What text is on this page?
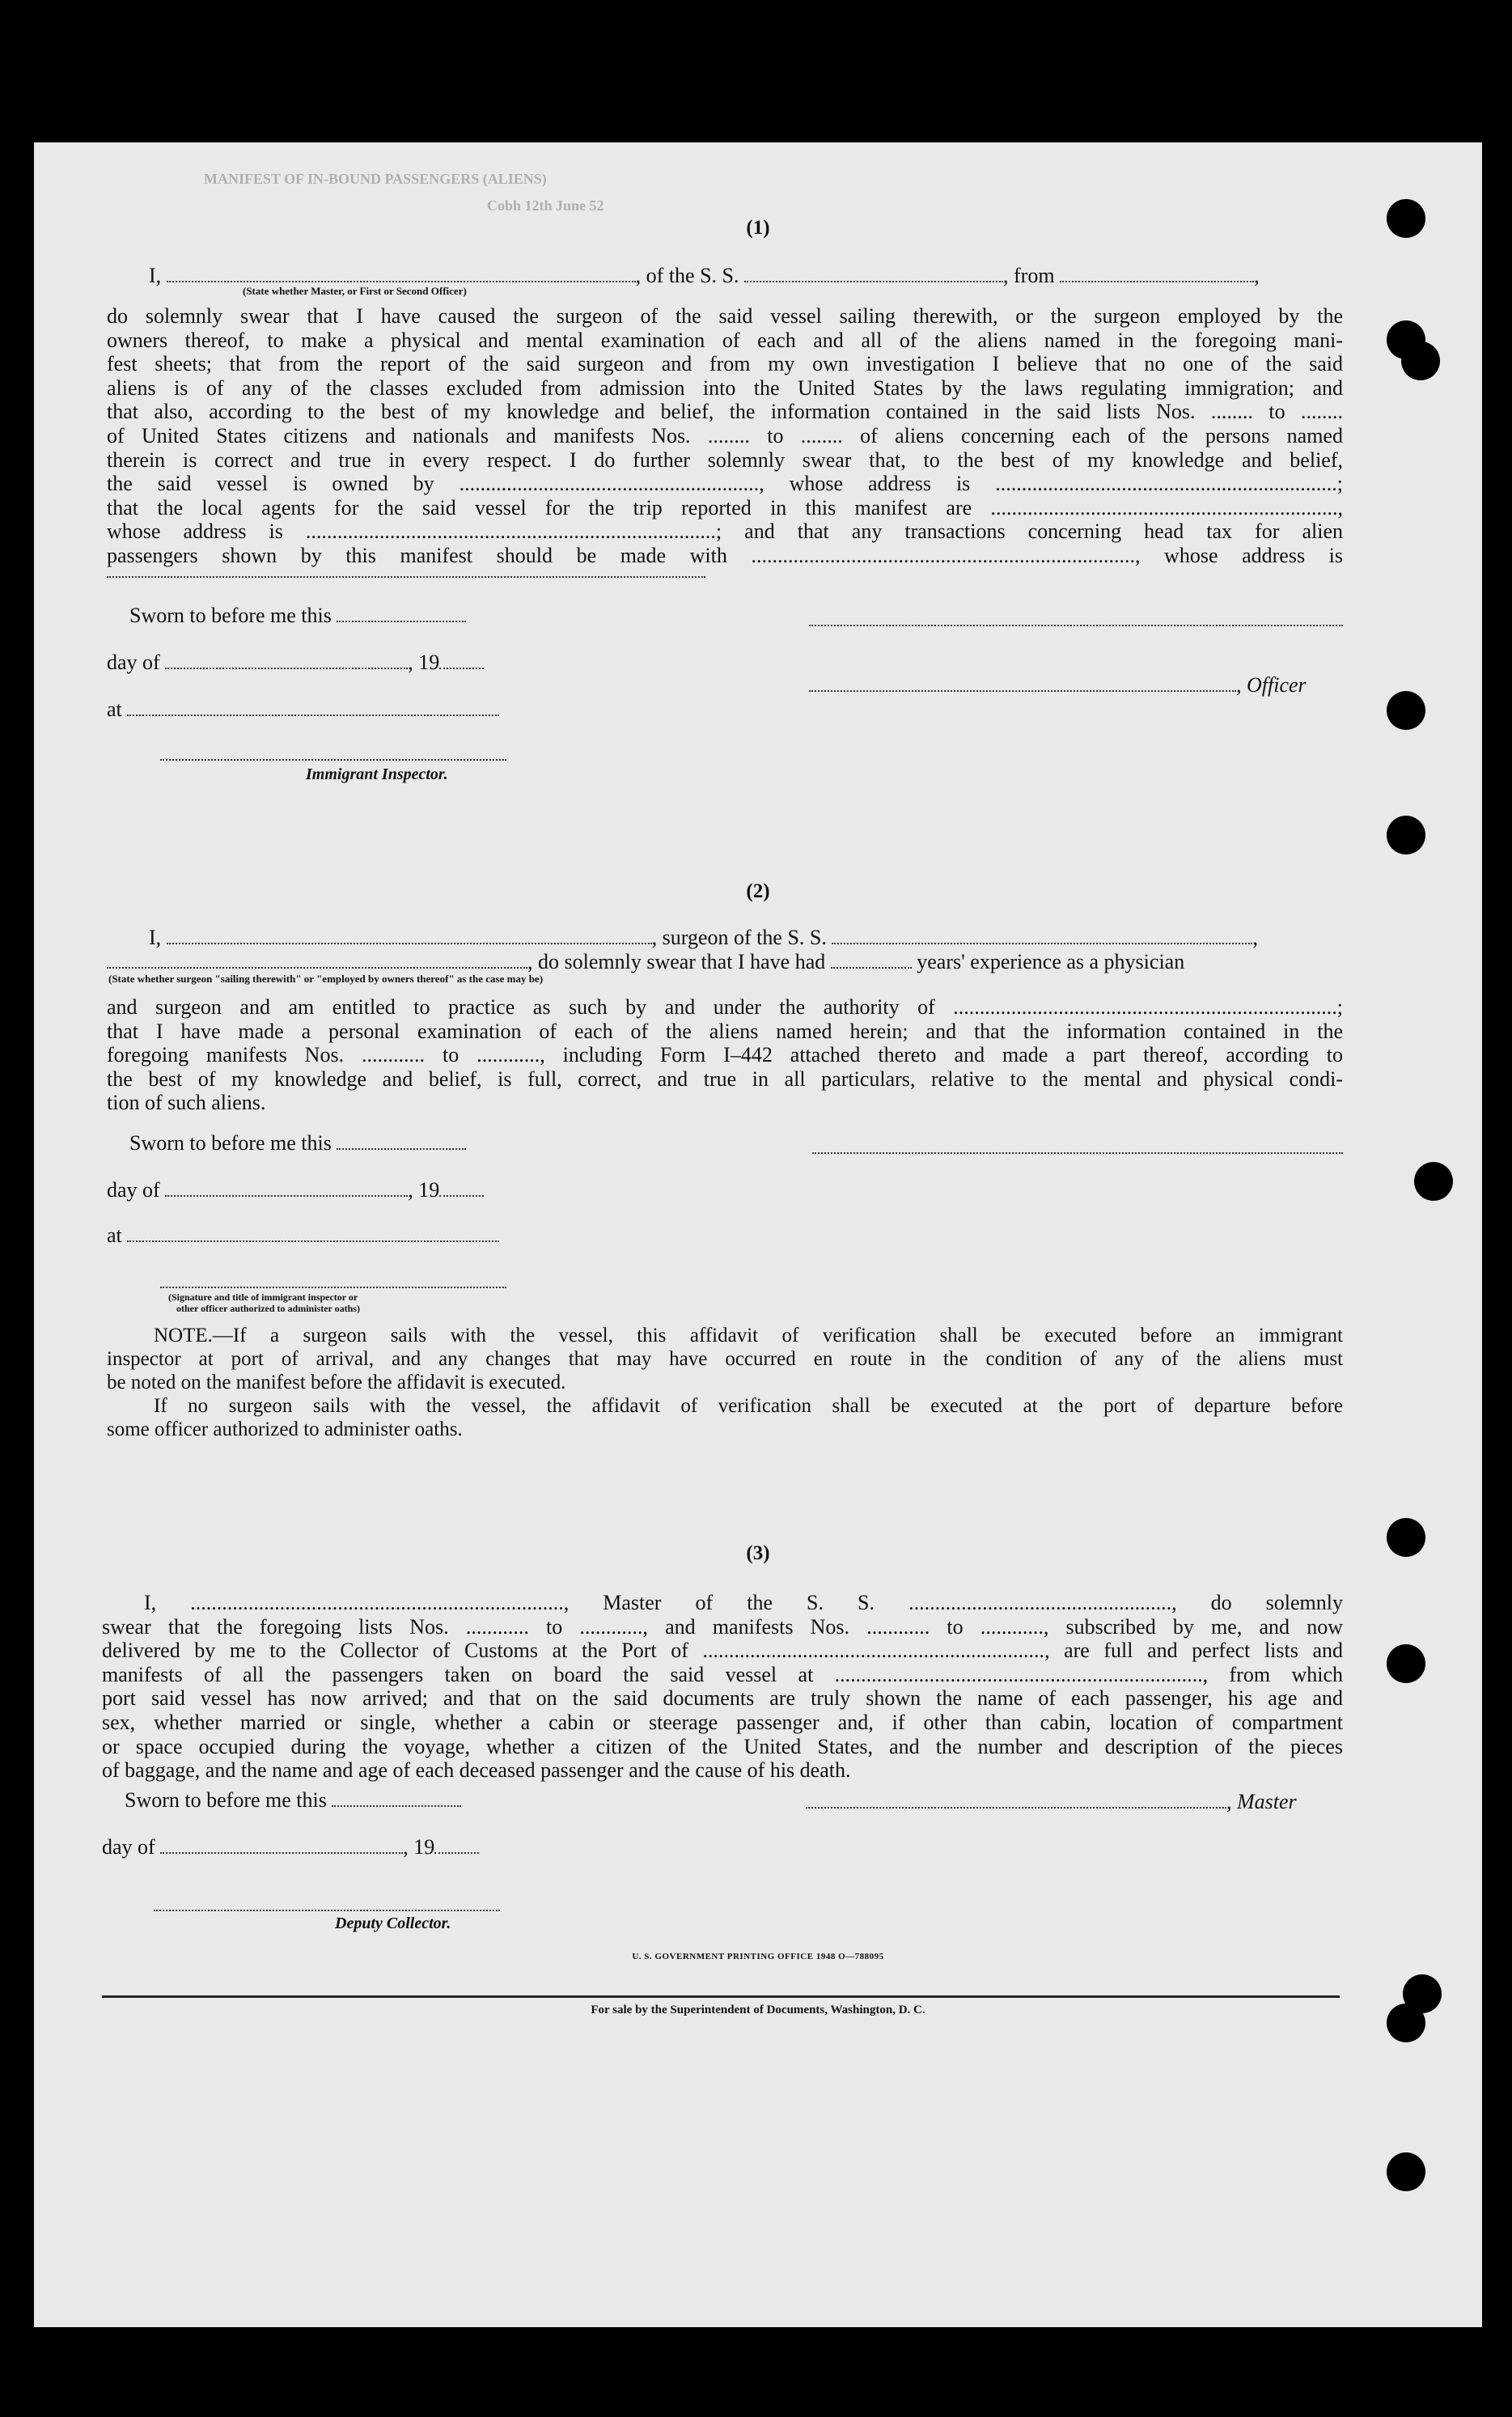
MANIFEST OF IN-BOUND PASSENGERS (ALIENS)
Cobh 12th June 52
(1)
I,	, of the S. S.	, from	,
(State whether Master, or First or Second Officer)
do solemnly swear that I have caused the surgeon of the said vessel sailing therewith, or the surgeon employed by the
owners thereof, to make a physical and mental examination of each and all of the aliens named in the foregoing mani-
fest sheets; that from the report of the said surgeon and from my own investigation I believe that no one of the said
aliens is of any of the classes excluded from admission into the United States by the laws regulating immigration; and
that also, according to the best of my knowledge and belief, the information contained in the said lists Nos. ........ to ........
of United States citizens and nationals and manifests Nos. ........ to ........ of aliens concerning each of the persons named
therein is correct and true in every respect. I do further solemnly swear that, to the best of my knowledge and belief,
the said vessel is owned by ........................................................., whose address is .................................................................;
that the local agents for the said vessel for the trip reported in this manifest are ..................................................................,
whose address is ..............................................................................; and that any transactions concerning head tax for alien
passengers shown by this manifest should be made with ........................................................................., whose address is
Sworn to before me this
day of	, 19
, Officer
at
Immigrant Inspector.
(2)
I,	, surgeon of the S. S.	,
, do solemnly swear that I have had	years' experience as a physician
(State whether surgeon "sailing therewith" or "employed by owners thereof" as the case may be)
and surgeon and am entitled to practice as such by and under the authority of .........................................................................;
that I have made a personal examination of each of the aliens named herein; and that the information contained in the
foregoing manifests Nos. ............ to ............, including Form I–442 attached thereto and made a part thereof, according to
the best of my knowledge and belief, is full, correct, and true in all particulars, relative to the mental and physical condi-
tion of such aliens.
Sworn to before me this
day of	, 19
at
(Signature and title of immigrant inspector or
other officer authorized to administer oaths)
NOTE.—If a surgeon sails with the vessel, this affidavit of verification shall be executed before an immigrant
inspector at port of arrival, and any changes that may have occurred en route in the condition of any of the aliens must
be noted on the manifest before the affidavit is executed.
If no surgeon sails with the vessel, the affidavit of verification shall be executed at the port of departure before
some officer authorized to administer oaths.
(3)
I, ......................................................................., Master of the S. S. .................................................., do solemnly
swear that the foregoing lists Nos. ............ to ............, and manifests Nos. ............ to ............, subscribed by me, and now
delivered by me to the Collector of Customs at the Port of ................................................................., are full and perfect lists and
manifests of all the passengers taken on board the said vessel at ......................................................................, from which
port said vessel has now arrived; and that on the said documents are truly shown the name of each passenger, his age and
sex, whether married or single, whether a cabin or steerage passenger and, if other than cabin, location of compartment
or space occupied during the voyage, whether a citizen of the United States, and the number and description of the pieces
of baggage, and the name and age of each deceased passenger and the cause of his death.
Sworn to before me this	, Master
day of	, 19
Deputy Collector.
U. S. GOVERNMENT PRINTING OFFICE 1948 O—788095
For sale by the Superintendent of Documents, Washington, D. C.
